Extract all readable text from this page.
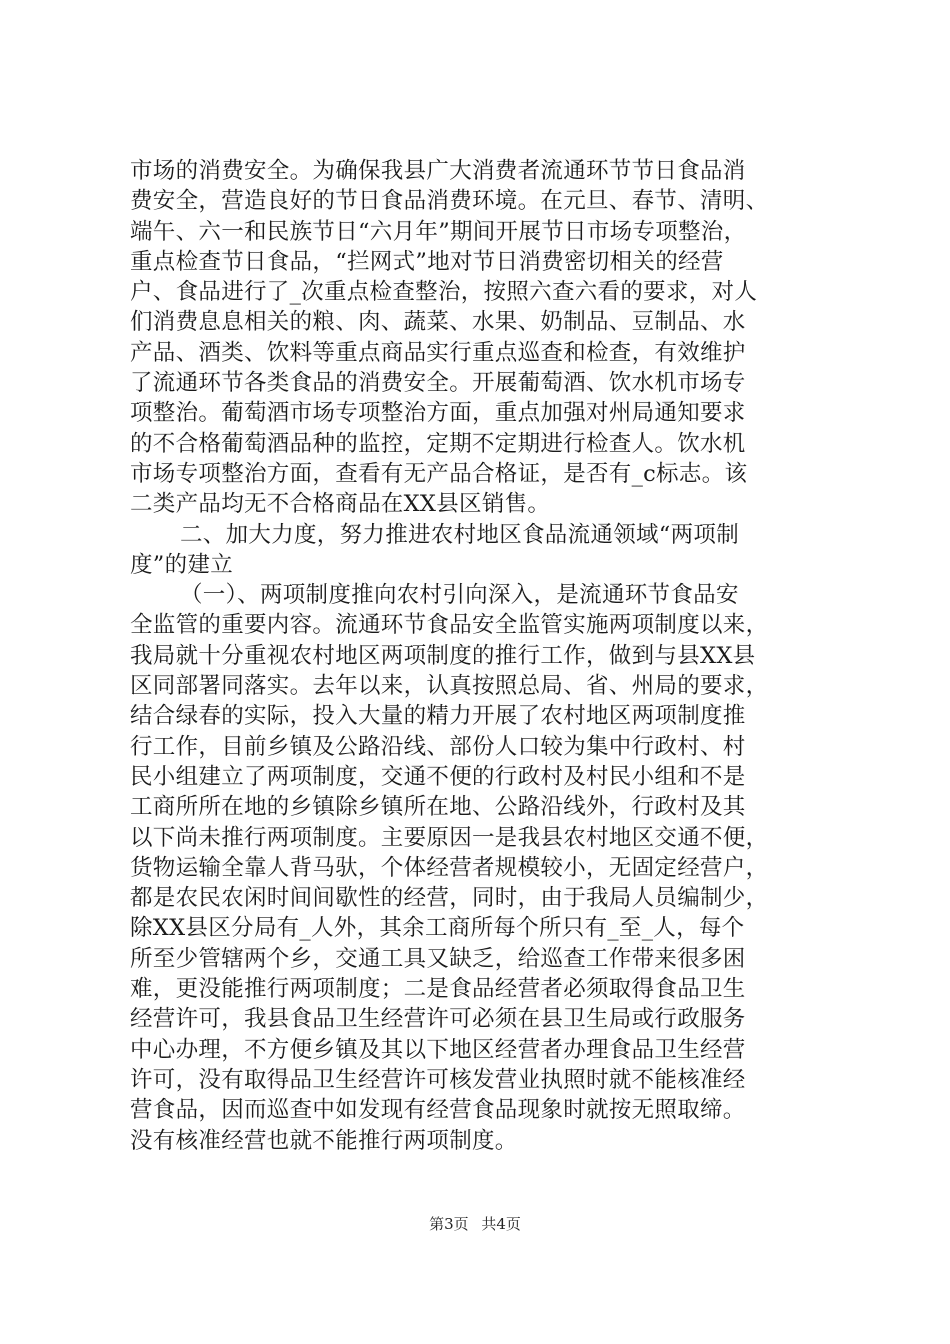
市场的消费安全。为确保我县广大消费者流通环节节日食品消
费安全，营造良好的节日食品消费环境。在元旦、春节、清明、
端午、六一和民族节日“六月年”期间开展节日市场专项整治，
重点检查节日食品，“拦网式”地对节日消费密切相关的经营
户、食品进行了_次重点检查整治，按照六查六看的要求，对人
们消费息息相关的粮、肉、蔬菜、水果、奶制品、豆制品、水
产品、酒类、饮料等重点商品实行重点巡查和检查，有效维护
了流通环节各类食品的消费安全。开展葡萄酒、饮水机市场专
项整治。葡萄酒市场专项整治方面，重点加强对州局通知要求
的不合格葡萄酒品种的监控，定期不定期进行检查人。饮水机
市场专项整治方面，查看有无产品合格证，是否有_c标志。该
二类产品均无不合格商品在XX县区销售。
二、加大力度，努力推进农村地区食品流通领域“两项制
度”的建立
（一）、两项制度推向农村引向深入，是流通环节食品安
全监管的重要内容。流通环节食品安全监管实施两项制度以来，
我局就十分重视农村地区两项制度的推行工作，做到与县XX县
区同部署同落实。去年以来，认真按照总局、省、州局的要求，
结合绿春的实际，投入大量的精力开展了农村地区两项制度推
行工作，目前乡镇及公路沿线、部份人口较为集中行政村、村
民小组建立了两项制度，交通不便的行政村及村民小组和不是
工商所所在地的乡镇除乡镇所在地、公路沿线外，行政村及其
以下尚未推行两项制度。主要原因一是我县农村地区交通不便，
货物运输全靠人背马驮，个体经营者规模较小，无固定经营户，
都是农民农闲时间间歇性的经营，同时，由于我局人员编制少，
除XX县区分局有_人外，其余工商所每个所只有_至_人，每个
所至少管辖两个乡，交通工具又缺乏，给巡查工作带来很多困
难，更没能推行两项制度；二是食品经营者必须取得食品卫生
经营许可，我县食品卫生经营许可必须在县卫生局或行政服务
中心办理，不方便乡镇及其以下地区经营者办理食品卫生经营
许可，没有取得品卫生经营许可核发营业执照时就不能核准经
营食品，因而巡查中如发现有经营食品现象时就按无照取缔。
没有核准经营也就不能推行两项制度。
第3页 共4页
